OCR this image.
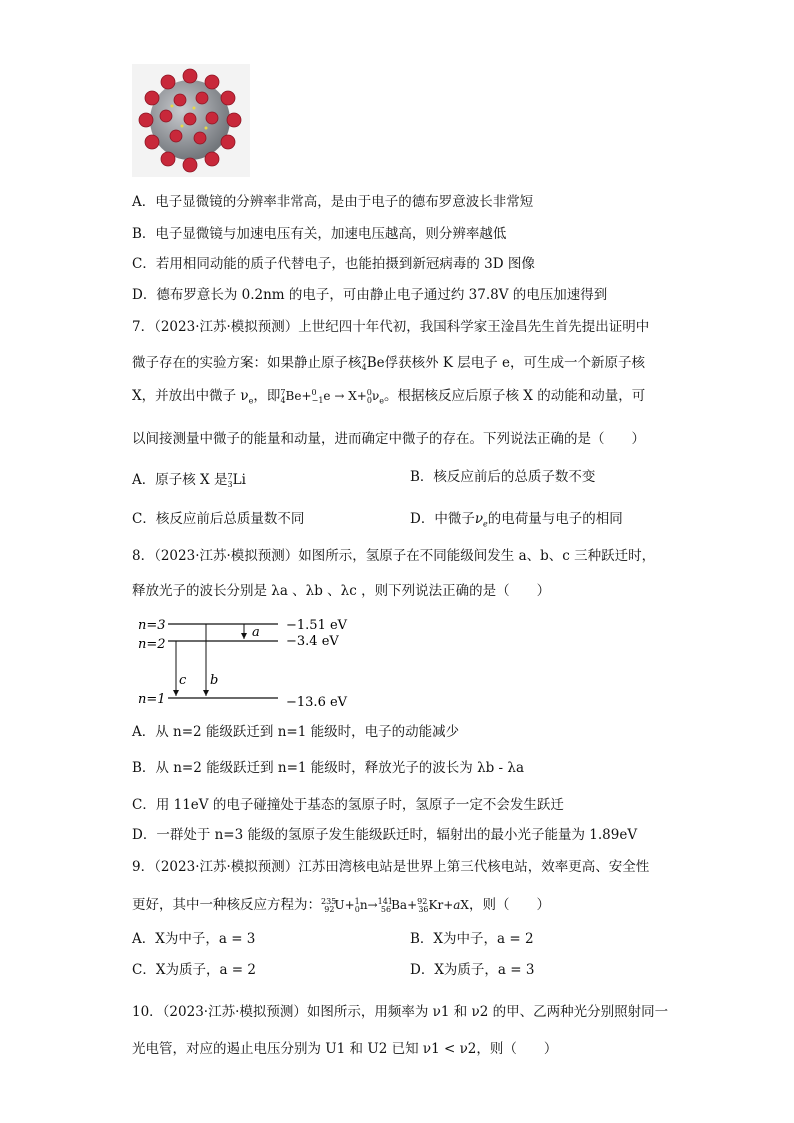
A．电子显微镜的分辨率非常高，是由于电子的德布罗意波长非常短
B．电子显微镜与加速电压有关，加速电压越高，则分辨率越低
C．若用相同动能的质子代替电子，也能拍摄到新冠病毒的 3D 图像
D．德布罗意长为 0.2nm 的电子，可由静止电子通过约 37.8V 的电压加速得到
7．（2023·江苏·模拟预测）上世纪四十年代初，我国科学家王淦昌先生首先提出证明中
微子存在的实验方案：如果静止原子核$^7_4$Be俘获核外 K 层电子 e，可生成一个新原子核
X，并放出中微子 $\nu_e$，即$^7_4Be+^0_{-1}e \to X+^0_0\nu_e$。根据核反应后原子核 X 的动能和动量，可
以间接测量中微子的能量和动量，进而确定中微子的存在。下列说法正确的是（　　）
A．原子核 X 是$^7_3$Li	B．核反应前后的总质子数不变
C．核反应前后总质量数不同	D．中微子$\nu_e$的电荷量与电子的相同
8．（2023·江苏·模拟预测）如图所示，氢原子在不同能级间发生 a、b、c 三种跃迁时，
释放光子的波长分别是 λa 、λb 、λc ，则下列说法正确的是（　　）
n=3
n=2
n=1
−1.51 eV
−3.4 eV
−13.6 eV
a
c b
A．从 n=2 能级跃迁到 n=1 能级时，电子的动能减少
B．从 n=2 能级跃迁到 n=1 能级时，释放光子的波长为 λb - λa
C．用 11eV 的电子碰撞处于基态的氢原子时，氢原子一定不会发生跃迁
D．一群处于 n=3 能级的氢原子发生能级跃迁时，辐射出的最小光子能量为 1.89eV
9．（2023·江苏·模拟预测）江苏田湾核电站是世界上第三代核电站，效率更高、安全性
更好，其中一种核反应方程为：$^{235}_{92}$U+$^1_0$n→$^{141}_{56}$Ba+$^{92}_{36}$Kr+aX，则（　　）
A．X为中子，a = 3	B．X为中子，a = 2
C．X为质子，a = 2	D．X为质子，a = 3
10．（2023·江苏·模拟预测）如图所示，用频率为 ν1 和 ν2 的甲、乙两种光分别照射同一
光电管，对应的遏止电压分别为 U1 和 U2 已知 ν1 < ν2，则（　　）
